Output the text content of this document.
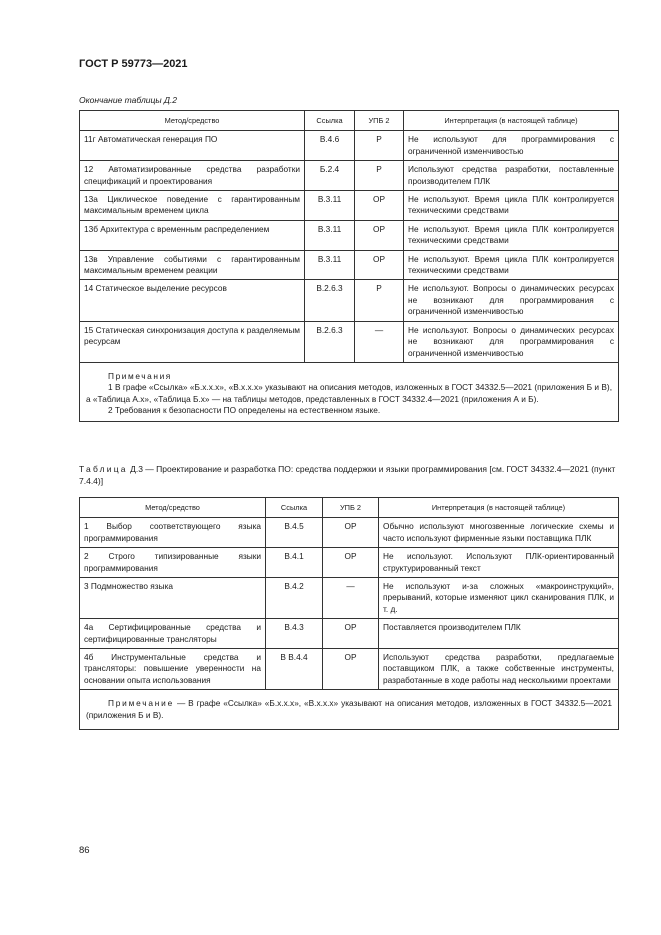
ГОСТ Р 59773—2021
Окончание таблицы Д.2
Метод/средство	Ссылка	УПБ 2	Интерпретация (в настоящей таблице)
11г Автоматическая генерация ПО	В.4.6	Р	Не используют для программирования с ограниченной изменчивостью
12 Автоматизированные средства разработки спецификаций и проектирования	Б.2.4	Р	Используют средства разработки, поставленные производителем ПЛК
13а Циклическое поведение с гарантированным максимальным временем цикла	В.3.11	ОР	Не используют. Время цикла ПЛК контролируется техническими средствами
13б Архитектура с временным распределением	В.3.11	ОР	Не используют. Время цикла ПЛК контролируется техническими средствами
13в Управление событиями с гарантированным максимальным временем реакции	В.3.11	ОР	Не используют. Время цикла ПЛК контролируется техническими средствами
14 Статическое выделение ресурсов	В.2.6.3	Р	Не используют. Вопросы о динамических ресурсах не возникают для программирования с ограниченной изменчивостью
15 Статическая синхронизация доступа к разделяемым ресурсам	В.2.6.3	—	Не используют. Вопросы о динамических ресурсах не возникают для программирования с ограниченной изменчивостью

Примечания

1 В графе «Ссылка» «Б.х.х.х», «В.х.х.х» указывают на описания методов, изложенных в ГОСТ 34332.5—2021 (приложения Б и В), а «Таблица А.х», «Таблица Б.х» — на таблицы методов, представленных в ГОСТ 34332.4—2021 (приложения А и Б).

2 Требования к безопасности ПО определены на естественном языке.			

Таблица Д.3 — Проектирование и разработка ПО: средства поддержки и языки программирования [см. ГОСТ 34332.4—2021 (пункт 7.4.4)]
Метод/средство	Ссылка	УПБ 2	Интерпретация (в настоящей таблице)
1 Выбор соответствующего языка программирования	В.4.5	ОР	Обычно используют многозвенные логические схемы и часто используют фирменные языки поставщика ПЛК
2 Строго типизированные языки программирования	В.4.1	ОР	Не используют. Используют ПЛК-ориентированный структурированный текст
3 Подмножество языка	В.4.2	—	Не используют и-за сложных «макроинструкций», прерываний, которые изменяют цикл сканирования ПЛК, и т. д.
4а Сертифицированные средства и сертифицированные трансляторы	В.4.3	ОР	Поставляется производителем ПЛК
4б Инструментальные средства и трансляторы: повышение уверенности на основании опыта использования	В В.4.4	ОР	Используют средства разработки, предлагаемые поставщиком ПЛК, а также собственные инструменты, разработанные в ходе работы над несколькими проектами
Примечание — В графе «Ссылка» «Б.х.х.х», «В.х.х.х» указывают на описания методов, изложенных в ГОСТ 34332.5—2021 (приложения Б и В).			
86
